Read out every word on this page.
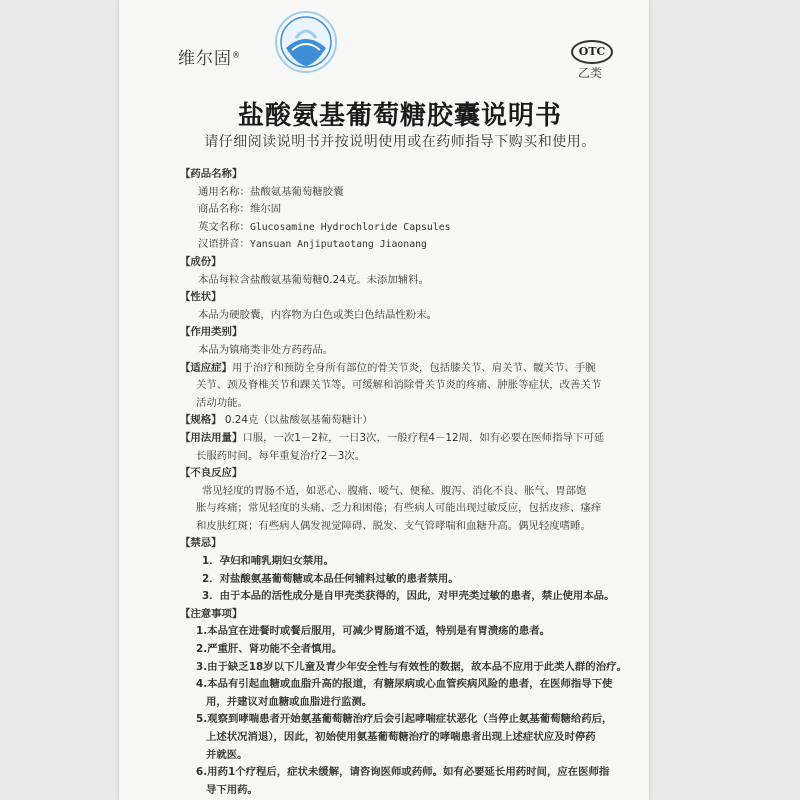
维尔固®	OTC
乙类
盐酸氨基葡萄糖胶囊说明书
请仔细阅读说明书并按说明使用或在药师指导下购买和使用。
【药品名称】
通用名称：盐酸氨基葡萄糖胶囊
商品名称：维尔固
英文名称：Glucosamine Hydrochloride Capsules
汉语拼音：Yansuan Anjiputaotang Jiaonang
【成份】
本品每粒含盐酸氨基葡萄糖0.24克。未添加辅料。
【性状】
本品为硬胶囊，内容物为白色或类白色结晶性粉末。
【作用类别】
本品为镇痛类非处方药药品。
【适应症】用于治疗和预防全身所有部位的骨关节炎，包括膝关节、肩关节、髋关节、手腕
关节、颈及脊椎关节和踝关节等。可缓解和消除骨关节炎的疼痛、肿胀等症状，改善关节
活动功能。
【规格】 0.24克（以盐酸氨基葡萄糖计）
【用法用量】口服，一次1－2粒，一日3次，一般疗程4－12周，如有必要在医师指导下可延
长服药时间。每年重复治疗2－3次。
【不良反应】
常见轻度的胃肠不适，如恶心、腹痛、嗳气、便秘、腹泻、消化不良、胀气、胃部饱
胀与疼痛；常见轻度的头痛、乏力和困倦；有些病人可能出现过敏反应，包括皮疹、瘙痒
和皮肤红斑；有些病人偶发视觉障碍、脱发、支气管哮喘和血糖升高。偶见轻度嗜睡。
【禁忌】
1．孕妇和哺乳期妇女禁用。
2．对盐酸氨基葡萄糖或本品任何辅料过敏的患者禁用。
3．由于本品的活性成分是自甲壳类获得的，因此，对甲壳类过敏的患者，禁止使用本品。
【注意事项】
1.本品宜在进餐时或餐后服用，可减少胃肠道不适，特别是有胃溃疡的患者。
2.严重肝、肾功能不全者慎用。
3.由于缺乏18岁以下儿童及青少年安全性与有效性的数据，故本品不应用于此类人群的治疗。
4.本品有引起血糖或血脂升高的报道，有糖尿病或心血管疾病风险的患者，在医师指导下使
用，并建议对血糖或血脂进行监测。
5.观察到哮喘患者开始氨基葡萄糖治疗后会引起哮喘症状恶化（当停止氨基葡萄糖给药后，
上述状况消退），因此，初始使用氨基葡萄糖治疗的哮喘患者出现上述症状应及时停药
并就医。
6.用药1个疗程后，症状未缓解，请咨询医师或药师。如有必要延长用药时间，应在医师指
导下用药。
